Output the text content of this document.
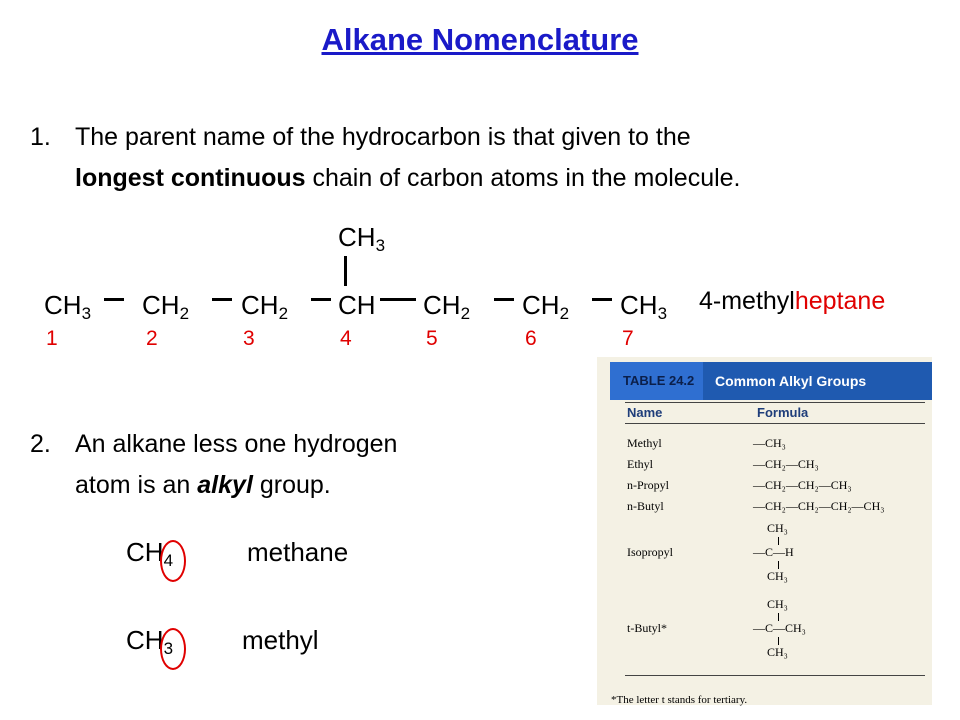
Alkane Nomenclature
1. The parent name of the hydrocarbon is that given to the
longest continuous chain of carbon atoms in the molecule.
CH3
CH3 CH2 CH2 CH CH2 CH2 CH3
1	2	3	4	5	6	7
4-methylheptane
2. An alkane less one hydrogen
atom is an alkyl group.
CH4	methane
CH3	methyl
TABLE 24.2	Common Alkyl Groups
Name	Formula
Methyl	—CH₃
Ethyl	—CH₂—CH₃
n-Propyl	—CH₂—CH₂—CH₃
n-Butyl	—CH₂—CH₂—CH₂—CH₃
CH₃
Isopropyl	—C—H
CH₃
CH₃
t-Butyl*	—C—CH₃
CH₃
*The letter t stands for tertiary.
